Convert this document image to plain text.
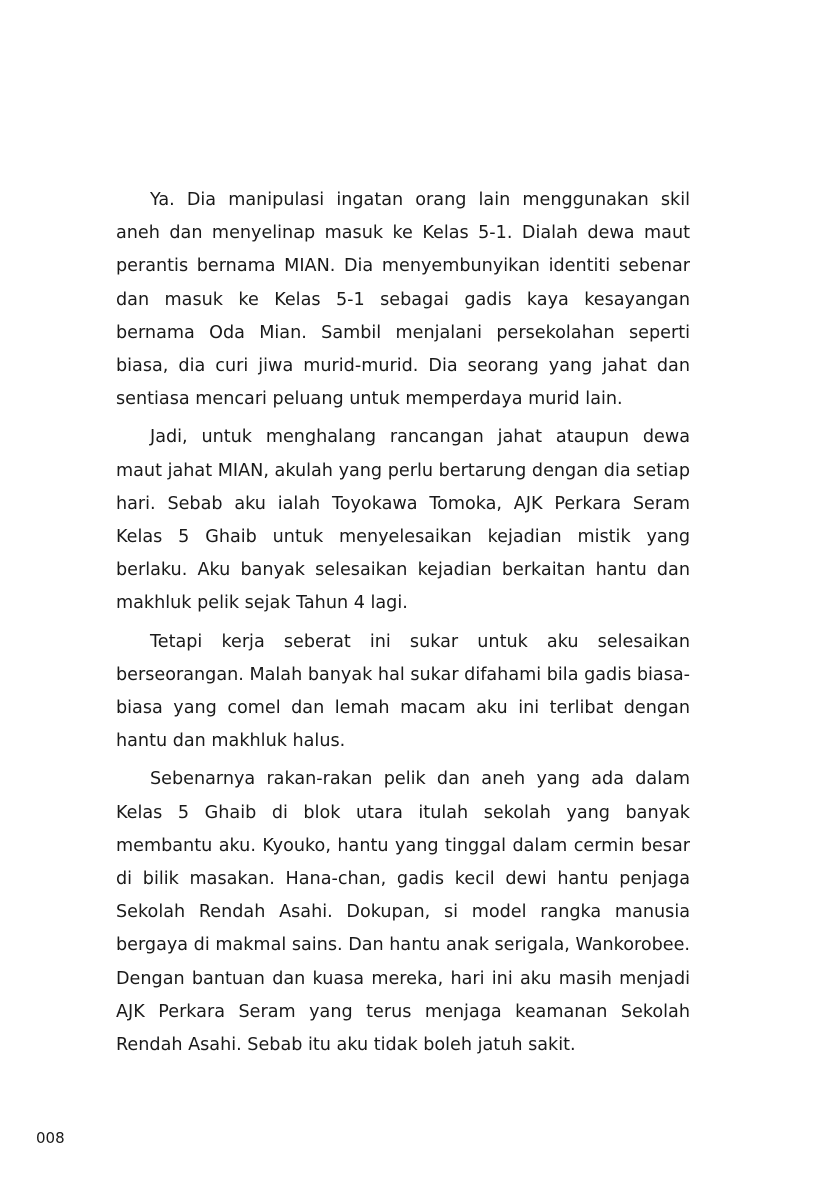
Ya. Dia manipulasi ingatan orang lain menggunakan skil aneh dan menyelinap masuk ke Kelas 5-1. Dialah dewa maut perantis bernama MIAN. Dia menyembunyikan identiti sebenar dan masuk ke Kelas 5-1 sebagai gadis kaya kesayangan bernama Oda Mian. Sambil menjalani persekolahan seperti biasa, dia curi jiwa murid-murid. Dia seorang yang jahat dan sentiasa mencari peluang untuk memperdaya murid lain.

Jadi, untuk menghalang rancangan jahat ataupun dewa maut jahat MIAN, akulah yang perlu bertarung dengan dia setiap hari. Sebab aku ialah Toyokawa Tomoka, AJK Perkara Seram Kelas 5 Ghaib untuk menyelesaikan kejadian mistik yang berlaku. Aku banyak selesaikan kejadian berkaitan hantu dan makhluk pelik sejak Tahun 4 lagi.

Tetapi kerja seberat ini sukar untuk aku selesaikan berseorangan. Malah banyak hal sukar difahami bila gadis biasa-biasa yang comel dan lemah macam aku ini terlibat dengan hantu dan makhluk halus.

Sebenarnya rakan-rakan pelik dan aneh yang ada dalam Kelas 5 Ghaib di blok utara itulah sekolah yang banyak membantu aku. Kyouko, hantu yang tinggal dalam cermin besar di bilik masakan. Hana-chan, gadis kecil dewi hantu penjaga Sekolah Rendah Asahi. Dokupan, si model rangka manusia bergaya di makmal sains. Dan hantu anak serigala, Wankorobee. Dengan bantuan dan kuasa mereka, hari ini aku masih menjadi AJK Perkara Seram yang terus menjaga keamanan Sekolah Rendah Asahi. Sebab itu aku tidak boleh jatuh sakit.

008
